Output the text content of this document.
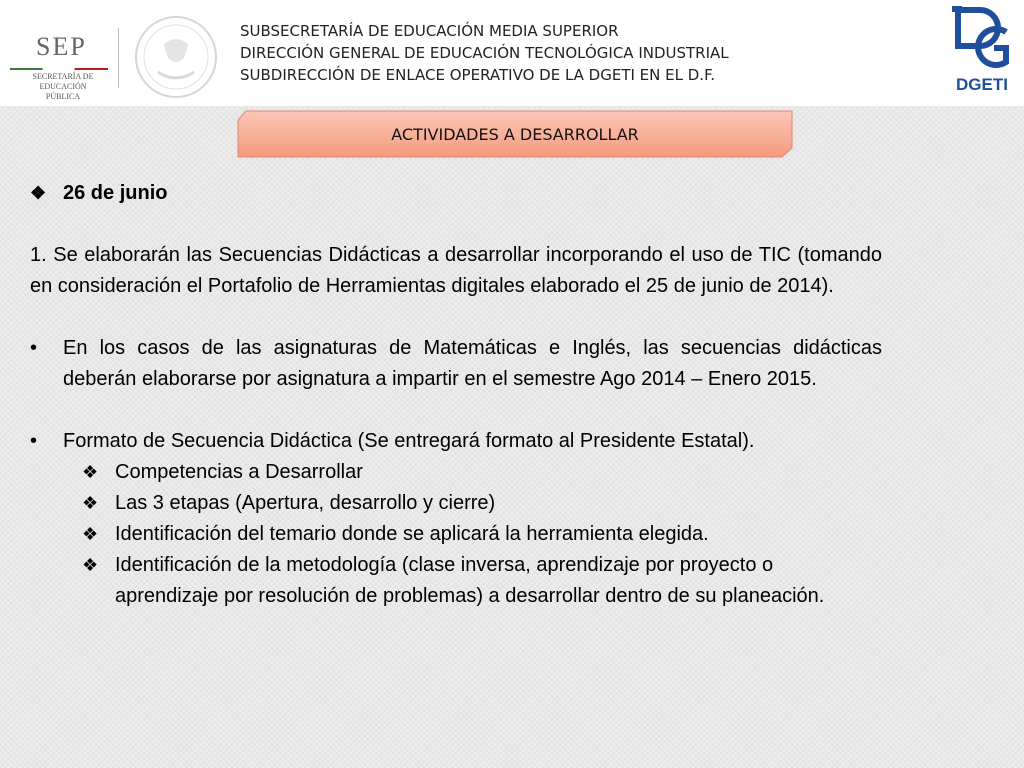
SEP
SECRETARÍA DE
EDUCACIÓN PÚBLICA
SUBSECRETARÍA DE EDUCACIÓN MEDIA SUPERIOR
DIRECCIÓN GENERAL DE EDUCACIÓN TECNOLÓGICA INDUSTRIAL
SUBDIRECCIÓN DE ENLACE OPERATIVO DE LA DGETI EN EL D.F.	DGETI
ACTIVIDADES A DESARROLLAR
❖ 26 de junio
1. Se elaborarán las Secuencias Didácticas a desarrollar incorporando el uso de TIC (tomando en consideración el Portafolio de Herramientas digitales elaborado el 25 de junio de 2014).
•	En los casos de las asignaturas de Matemáticas e Inglés, las secuencias didácticas deberán elaborarse por asignatura a impartir en el semestre Ago 2014 – Enero 2015.
•	Formato de Secuencia Didáctica (Se entregará formato al Presidente Estatal).
❖ Competencias a Desarrollar
❖ Las 3 etapas (Apertura, desarrollo y cierre)
❖ Identificación del temario donde se aplicará la herramienta elegida.
❖ Identificación de la metodología (clase inversa, aprendizaje por proyecto o aprendizaje por resolución de problemas) a desarrollar dentro de su planeación.
